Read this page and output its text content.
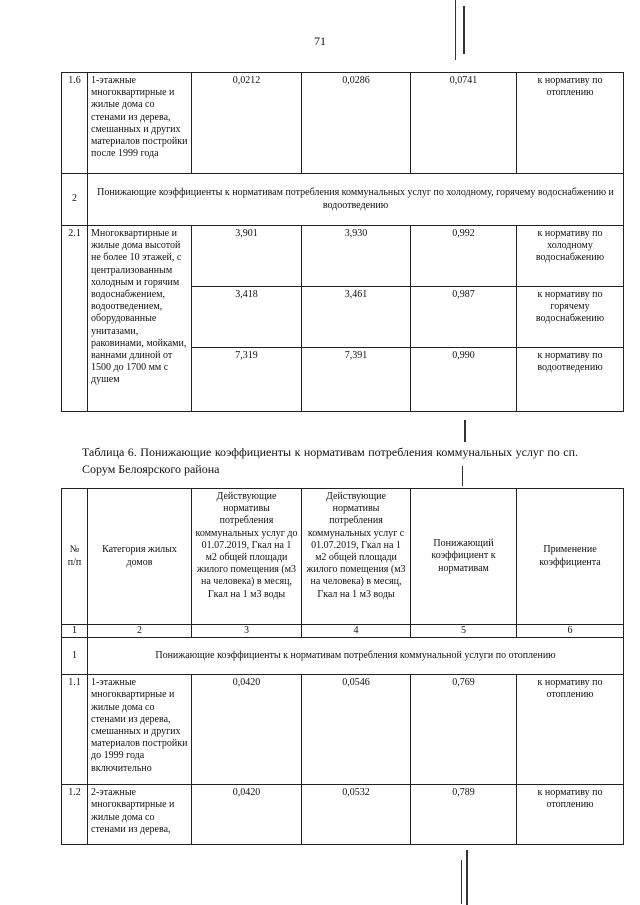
71
1.6	1-этажные многоквартирные и жилые дома со стенами из дерева, смешанных и других материалов постройки после 1999 года	0,0212	0,0286	0,0741	к нормативу по отоплению
2	Понижающие коэффициенты к нормативам потребления коммунальных услуг по холодному, горячему водоснабжению и водоотведению				
2.1	Многоквартирные и жилые дома высотой не более 10 этажей, с централизованным холодным и горячим водоснабжением, водоотведением, оборудованные унитазами, раковинами, мойками, ваннами длиной от 1500 до 1700 мм с душем	3,901	3,930	0,992	к нормативу по холодному водоснабжению
		3,418	3,461	0,987	к нормативу по горячему водоснабжению
		7,319	7,391	0,990	к нормативу по водоотведению
Таблица 6. Понижающие коэффициенты к нормативам потребления коммунальных услуг по сп. Сорум Белоярского района
№ п/п	Категория жилых домов	Действующие нормативы потребления коммунальных услуг до 01.07.2019, Гкал на 1 м2 общей площади жилого помещения (м3 на человека) в месяц, Гкал на 1 м3 воды	Действующие нормативы потребления коммунальных услуг с 01.07.2019, Гкал на 1 м2 общей площади жилого помещения (м3 на человека) в месяц, Гкал на 1 м3 воды	Понижающий коэффициент к нормативам	Применение коэффициента
1	2	3	4	5	6
1	Понижающие коэффициенты к нормативам потребления коммунальной услуги по отоплению				
1.1	1-этажные многоквартирные и жилые дома со стенами из дерева, смешанных и других материалов постройки до 1999 года включительно	0,0420	0,0546	0,769	к нормативу по отоплению
1.2	2-этажные многоквартирные и жилые дома со стенами из дерева,	0,0420	0,0532	0,789	к нормативу по отоплению
